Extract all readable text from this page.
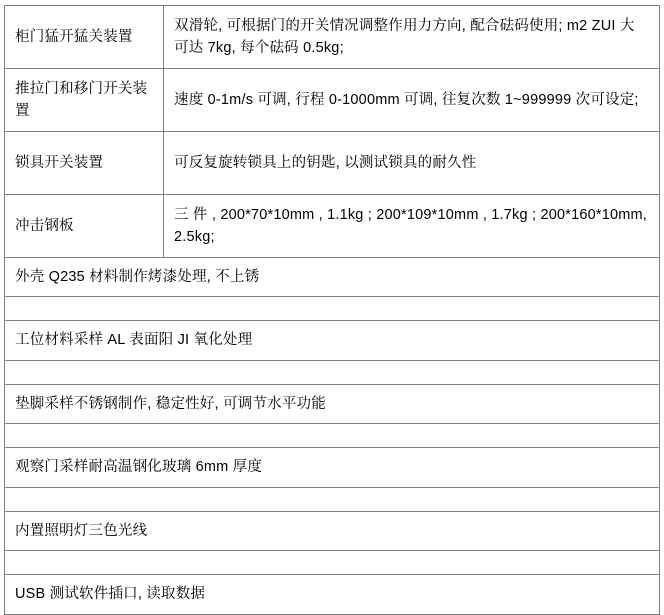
柜门猛开猛关装置	双滑轮, 可根据门的开关情况调整作用力方向, 配合砝码使用; m2 ZUI 大可达 7kg, 每个砝码 0.5kg;
推拉门和移门开关装置	速度 0-1m/s 可调, 行程 0-1000mm 可调, 往复次数 1~999999 次可设定;
锁具开关装置	可反复旋转锁具上的钥匙, 以测试锁具的耐久性
冲击钢板	三 件 , 200*70*10mm , 1.1kg ; 200*109*10mm , 1.7kg ; 200*160*10mm, 2.5kg;
外壳 Q235 材料制作烤漆处理, 不上锈	

工位材料采样 AL 表面阳 JI 氧化处理	

垫脚采样不锈钢制作, 稳定性好, 可调节水平功能	

观察门采样耐高温钢化玻璃 6mm 厚度	

内置照明灯三色光线	

USB 测试软件插口, 读取数据	
